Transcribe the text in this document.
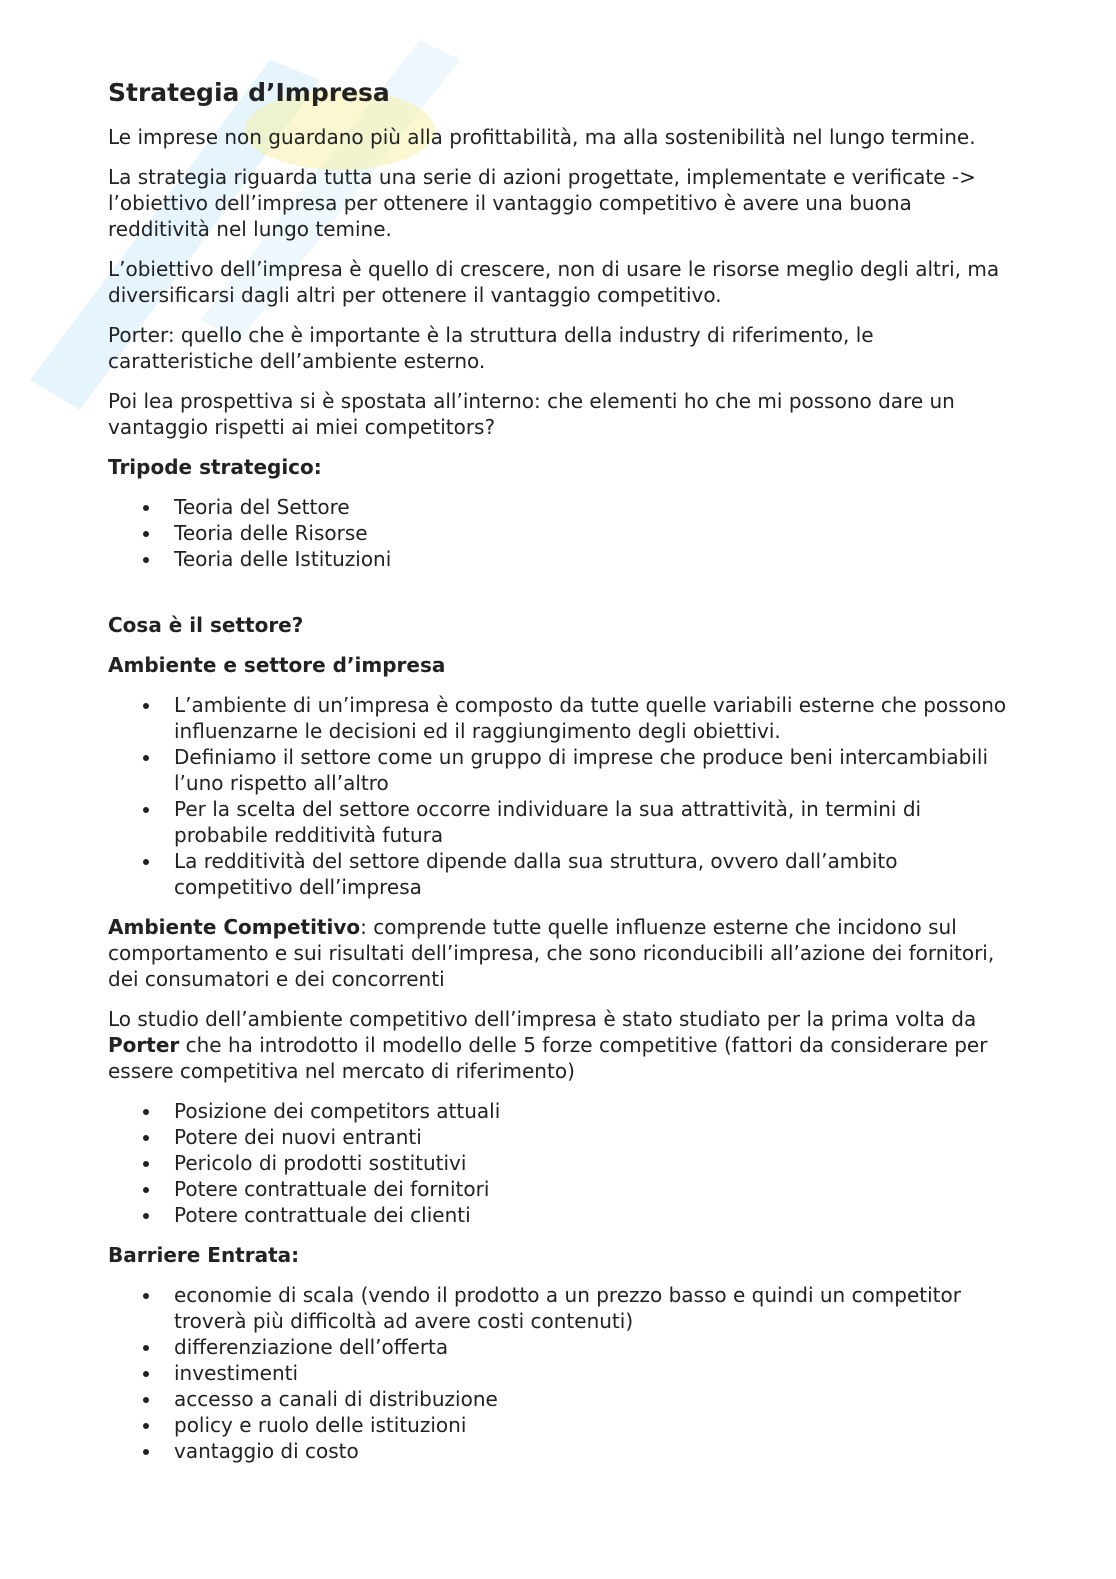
Strategia d’Impresa

Le imprese non guardano più alla profittabilità, ma alla sostenibilità nel lungo termine.

La strategia riguarda tutta una serie di azioni progettate, implementate e verificate -> l’obiettivo dell’impresa per ottenere il vantaggio competitivo è avere una buona redditività nel lungo temine.

L’obiettivo dell’impresa è quello di crescere, non di usare le risorse meglio degli altri, ma diversificarsi dagli altri per ottenere il vantaggio competitivo.

Porter: quello che è importante è la struttura della industry di riferimento, le caratteristiche dell’ambiente esterno.

Poi lea prospettiva si è spostata all’interno: che elementi ho che mi possono dare un vantaggio rispetti ai miei competitors?

Tripode strategico:
Teoria del Settore
Teoria delle Risorse
Teoria delle Istituzioni
Cosa è il settore?
Ambiente e settore d’impresa
L’ambiente di un’impresa è composto da tutte quelle variabili esterne che possono influenzarne le decisioni ed il raggiungimento degli obiettivi.
Definiamo il settore come un gruppo di imprese che produce beni intercambiabili l’uno rispetto all’altro
Per la scelta del settore occorre individuare la sua attrattività, in termini di probabile redditività futura
La redditività del settore dipende dalla sua struttura, ovvero dall’ambito competitivo dell’impresa

Ambiente Competitivo: comprende tutte quelle influenze esterne che incidono sul comportamento e sui risultati dell’impresa, che sono riconducibili all’azione dei fornitori, dei consumatori e dei concorrenti

Lo studio dell’ambiente competitivo dell’impresa è stato studiato per la prima volta da Porter che ha introdotto il modello delle 5 forze competitive (fattori da considerare per essere competitiva nel mercato di riferimento)

Posizione dei competitors attuali
Potere dei nuovi entranti
Pericolo di prodotti sostitutivi
Potere contrattuale dei fornitori
Potere contrattuale dei clienti
Barriere Entrata:
economie di scala (vendo il prodotto a un prezzo basso e quindi un competitor troverà più difficoltà ad avere costi contenuti)
differenziazione dell’offerta
investimenti
accesso a canali di distribuzione
policy e ruolo delle istituzioni
vantaggio di costo
